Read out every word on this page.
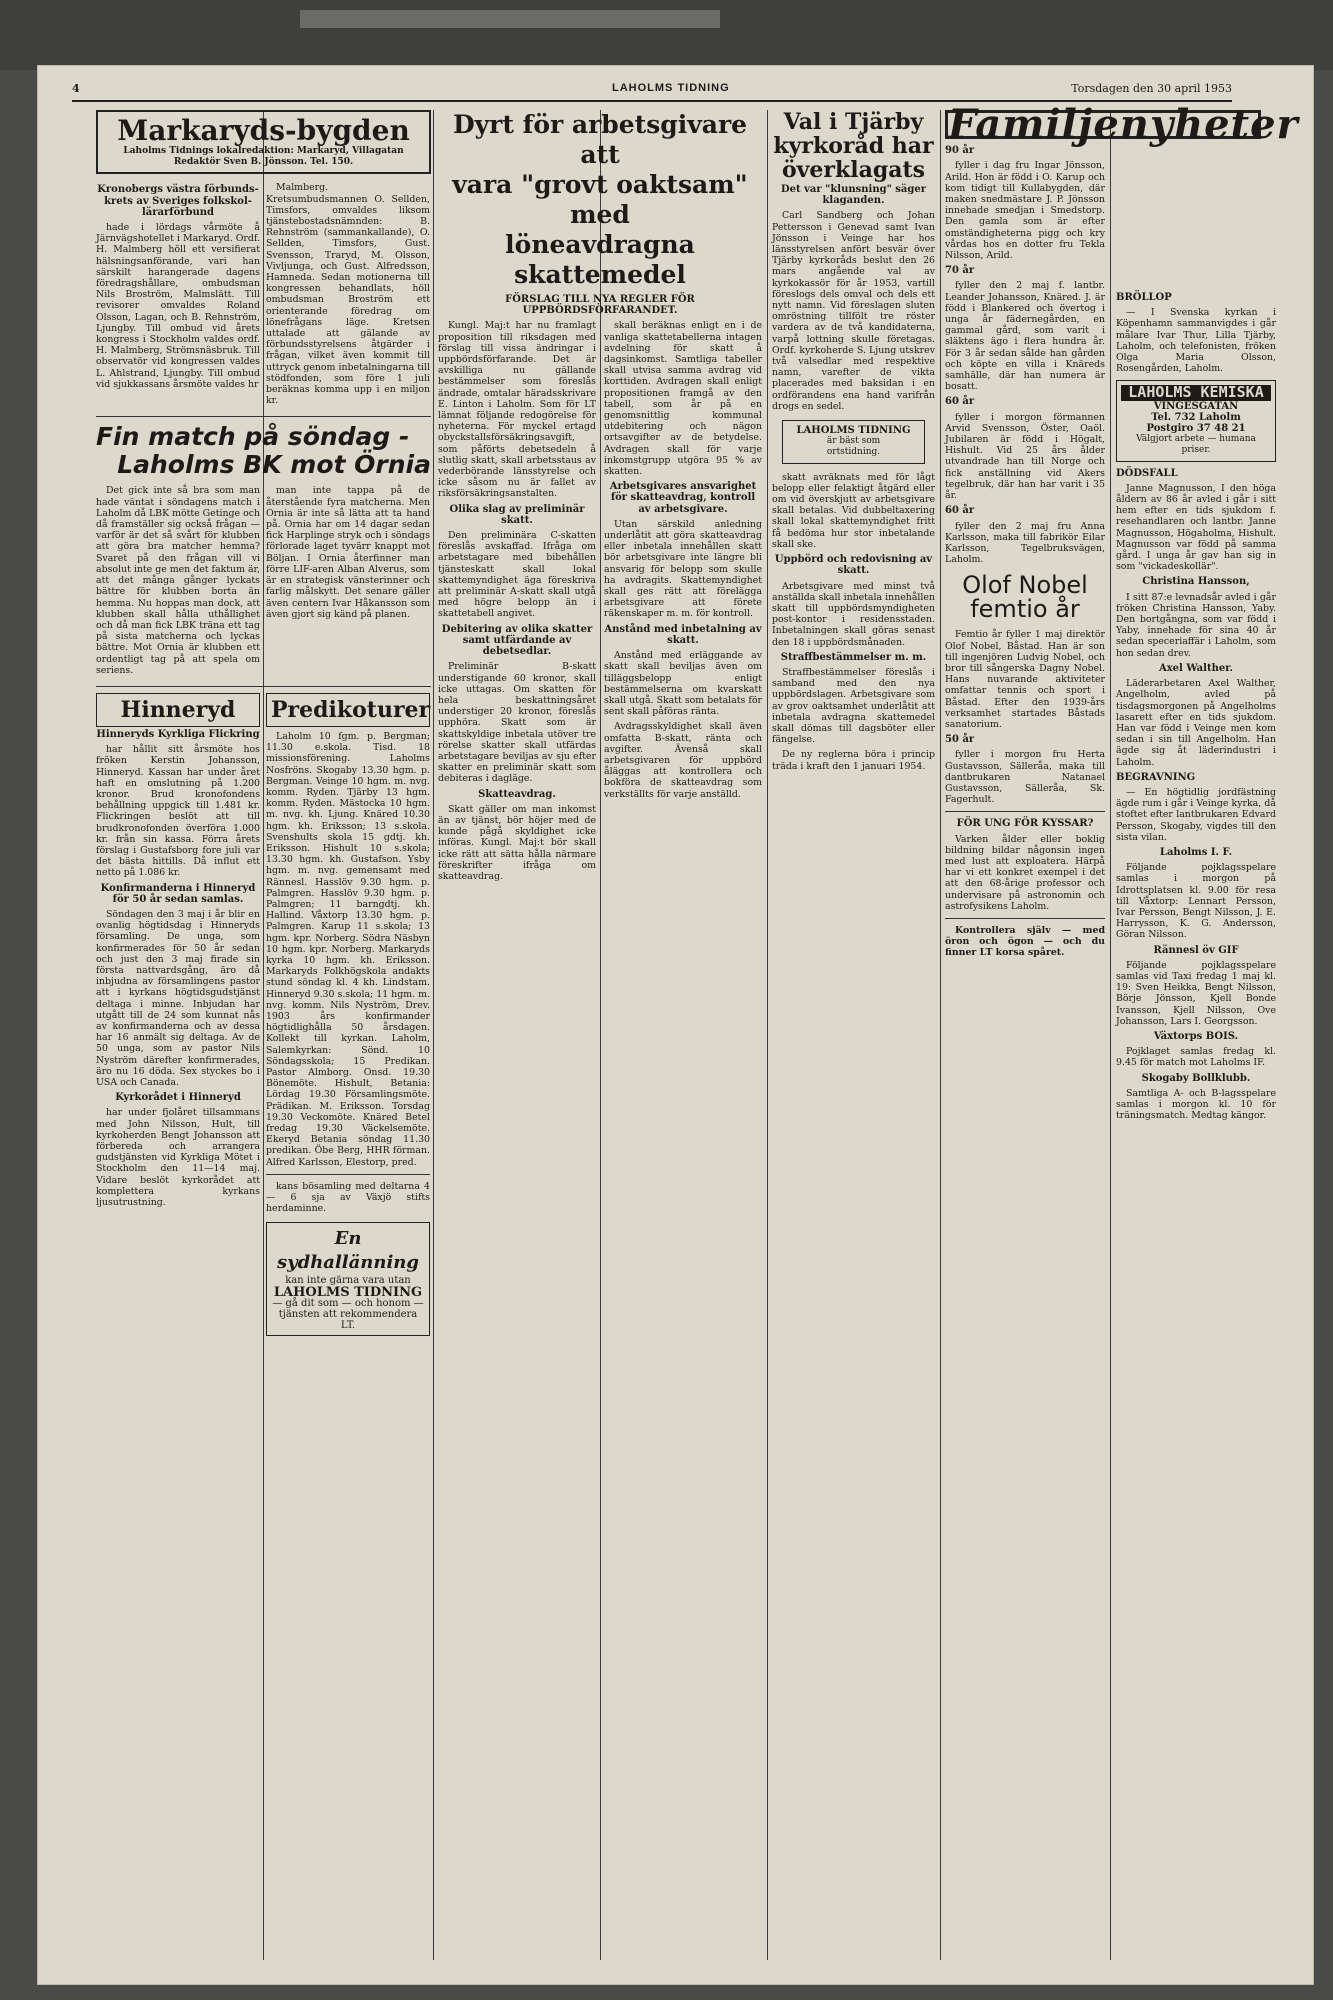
4	LAHOLMS TIDNING	Torsdagen den 30 april 1953
Markaryds-bygden
Laholms Tidnings lokalredaktion: Markaryd, Villagatan
Redaktör Sven B. Jönsson. Tel. 150.
Kronobergs västra förbunds-krets av Sveriges folkskol-lärarförbund

hade i lördags vårmöte å Järnvägshotellet i Markaryd. Ordf. H. Malmberg höll ett versifierat hälsningsanförande, vari han särskilt harangerade dagens föredragshållare, ombudsman Nils Broström, Malmslätt. Till revisorer omvaldes Roland Olsson, Lagan, och B. Rehnström, Ljungby. Till ombud vid årets kongress i Stockholm valdes ordf. H. Malmberg, Strömsnäsbruk. Till observatör vid kongressen valdes L. Ahlstrand, Ljungby. Till ombud vid sjukkassans årsmöte valdes hr

Malmberg. Kretsumbudsmannen O. Sellden, Timsfors, omvaldes liksom tjänstebostadsnämnden: B. Rehnström (sammankallande), O. Sellden, Timsfors, Gust. Svensson, Traryd, M. Olsson, Vivljunga, och Gust. Alfredsson, Hamneda. Sedan motionerna till kongressen behandlats, höll ombudsman Broström ett orienterande föredrag om lönefrågans läge. Kretsen uttalade att gälande av förbundsstyrelsens åtgärder i frågan, vilket även kommit till uttryck genom inbetalningarna till stödfonden, som före 1 juli beräknas komma upp i en miljon kr.

Fin match på söndag -
Laholms BK mot Örnia

Det gick inte så bra som man hade väntat i söndagens match i Laholm då LBK mötte Getinge och då framställer sig också frågan — varför är det så svårt för klubben att göra bra matcher hemma? Svaret på den frågan vill vi absolut inte ge men det faktum är, att det många gånger lyckats bättre för klubben borta än hemma. Nu hoppas man dock, att klubben skall hålla uthållighet och då man fick LBK träna ett tag på sista matcherna och lyckas bättre. Mot Ornia är klubben ett ordentligt tag på att spela om seriens.

man inte tappa på de återstående fyra matcherna. Men Ornia är inte så lätta att ta hand på. Ornia har om 14 dagar sedan fick Harplinge stryk och i söndags förlorade laget tyvärr knappt mot Böljan. I Ornia återfinner man förre LIF-aren Alban Alverus, som är en strategisk vänsterinner och farlig målskytt. Det senare gäller även centern Ivar Håkansson som även gjort sig känd på planen.

Hinneryd
Hinneryds Kyrkliga Flickring

har hållit sitt årsmöte hos fröken Kerstin Johansson, Hinneryd. Kassan har under året haft en omslutning på 1.200 kronor. Brud kronofondens behållning uppgick till 1.481 kr. Flickringen beslöt att till brudkronofonden överföra 1.000 kr. från sin kassa. Förra årets förslag i Gustafsborg fore juli var det bästa hittills. Då influt ett netto på 1.086 kr.

Konfirmanderna i Hinneryd för 50 år sedan samlas.

Söndagen den 3 maj i år blir en ovanlig högtidsdag i Hinneryds församling. De unga, som konfirmerades för 50 år sedan och just den 3 maj firade sin första nattvardsgång, äro då inbjudna av församlingens pastor att i kyrkans högtidsgudstjänst deltaga i minne. Inbjudan har utgått till de 24 som kunnat nås av konfirmanderna och av dessa har 16 anmält sig deltaga. Av de 50 unga, som av pastor Nils Nyström därefter konfirmerades, äro nu 16 döda. Sex styckes bo i USA och Canada.

Kyrkorådet i Hinneryd

har under fjolåret tillsammans med John Nilsson, Hult, till kyrkoherden Bengt Johansson att förbereda och arrangera gudstjänsten vid Kyrkliga Mötet i Stockholm den 11—14 maj. Vidare beslöt kyrkorådet att komplettera kyrkans ljusutrustning.

Predikoturer

Laholm 10 fgm. p. Bergman; 11.30 e.skola. Tisd. 18 missionsförening. Laholms Nosfröns. Skogaby 13.30 hgm. p. Bergman. Veinge 10 hgm. m. nvg. komm. Ryden. Tjärby 13 hgm. komm. Ryden. Mästocka 10 hgm. m. nvg. kh. Ljung. Knäred 10.30 hgm. kh. Eriksson; 13 s.skola. Svenshults skola 15 gdtj. kh. Eriksson. Hishult 10 s.skola; 13.30 hgm. kh. Gustafson. Ysby hgm. m. nvg. gemensamt med Rännesl. Hasslöv 9.30 hgm. p. Palmgren. Hasslöv 9.30 hgm. p. Palmgren; 11 barngdtj. kh. Hallind. Våxtorp 13.30 hgm. p. Palmgren. Karup 11 s.skola; 13 hgm. kpr. Norberg. Södra Näsbyn 10 hgm. kpr. Norberg. Markaryds kyrka 10 hgm. kh. Eriksson. Markaryds Folkhögskola andakts stund söndag kl. 4 kh. Lindstam. Hinneryd 9.30 s.skola; 11 hgm. m. nvg. komm. Nils Nyström, Drev. 1903 års konfirmander högtidlighålla 50 årsdagen. Kollekt till kyrkan. Laholm, Salemkyrkan: Sönd. 10 Söndagsskola; 15 Predikan. Pastor Almborg. Onsd. 19.30 Bönemöte. Hishult, Betania: Lördag 19.30 Församlingsmöte. Prädikan. M. Eriksson. Torsdag 19.30 Veckomöte. Knäred Betel fredag 19.30 Väckelsemöte. Ekeryd Betania söndag 11.30 predikan. Öbe Berg, HHR förman. Alfred Karlsson, Elestorp, pred.

kans bösamling med deltarna 4 — 6 sja av Växjö stifts herdaminne.

En sydhallänning
kan inte gärna vara utan
LAHOLMS TIDNING
— gå dit som — och honom — tjänsten att rekommendera LT.
Dyrt för arbetsgivare att
vara "grovt oaktsam" med
löneavdragna skattemedel
FÖRSLAG TILL NYA REGLER FÖR UPPBÖRDSFÖRFARANDET.

Kungl. Maj:t har nu framlagt proposition till riksdagen med förslag till vissa ändringar i uppbördsförfarande. Det är avskilliga nu gällande bestämmelser som föreslås ändrade, omtalar häradsskrivare E. Linton i Laholm. Som för LT lämnat följande redogörelse för nyheterna. För myckel ertagd obyckstallsförsäkringsavgift, som påförts debetsedeln å slutlig skatt, skall arbetsstaus av vederbörande länsstyrelse och icke såsom nu är fallet av riksförsäkringsanstalten.

Olika slag av preliminär skatt.

Den preliminära C-skatten föreslås avskaffad. Ifråga om arbetstagare med bibehållen tjänsteskatt skall lokal skattemyndighet äga föreskriva att preliminär A-skatt skall utgå med högre belopp än i skattetabell angivet.

Debitering av olika skatter samt utfärdande av debetsedlar.

Preliminär B-skatt understigande 60 kronor, skall icke uttagas. Om skatten för hela beskattningsåret understiger 20 kronor, föreslås upphöra. Skatt som är skattskyldige inbetala utöver tre rörelse skatter skall utfärdas arbetstagare beviljas av sju efter skatter en preliminär skatt som debiteras i dagläge.

Skatteavdrag.

Skatt gäller om man inkomst än av tjänst, bör höjer med de kunde pågå skyldighet icke införas. Kungl. Maj:t bör skall icke rätt att sätta hålla närmare föreskrifter ifråga om skatteavdrag.

skall beräknas enligt en i de vanliga skattetabellerna intagen avdelning för skatt å dagsinkomst. Samtliga tabeller skall utvisa samma avdrag vid korttiden. Avdragen skall enligt propositionen framgå av den tabell, som år på en genomsnittlig kommunal utdebitering och nägon ortsavgifter av de betydelse. Avdragen skall för varje inkomstgrupp utgöra 95 % av skatten.

Arbetsgivares ansvarighet för skatteavdrag, kontroll av arbetsgivare.

Utan särskild anledning underlåtit att göra skatteavdrag eller inbetala innehållen skatt bör arbetsgivare inte längre bli ansvarig för belopp som skulle ha avdragits. Skattemyndighet skall ges rätt att förelägga arbetsgivare att förete räkenskaper m. m. för kontroll.

Anstånd med inbetalning av skatt.

Anstånd med erläggande av skatt skall beviljas även om tilläggsbelopp enligt bestämmelserna om kvarskatt skall utgå. Skatt som betalats för sent skall påföras ränta.

Avdragsskyldighet skall även omfatta B-skatt, ränta och avgifter. Ävenså skall arbetsgivaren för uppbörd åläggas att kontrollera och bokföra de skatteavdrag som verkställts för varje anställd.

Val i Tjärby
kyrkoråd har
överklagats
Det var "klunsning" säger klaganden.

Carl Sandberg och Johan Pettersson i Genevad samt Ivan Jönsson i Veinge har hos länsstyrelsen anfört besvär över Tjärby kyrkoråds beslut den 26 mars angående val av kyrkokassör för år 1953, vartill föreslogs dels omval och dels ett nytt namn. Vid föreslagen sluten omröstning tillfölt tre röster vardera av de två kandidaterna, varpå lottning skulle företagas. Ordf. kyrkoherde S. Ljung utskrev två valsedlar med respektive namn, varefter de vikta placerades med baksidan i en ordförandens ena hand varifrån drogs en sedel.

LAHOLMS TIDNING
är bäst som
ortstidning.

skatt avräknats med för lågt belopp eller felaktigt åtgärd eller om vid överskjutt av arbetsgivare skall betalas. Vid dubbeltaxering skall lokal skattemyndighet fritt få bedöma hur stor inbetalande skall ske.

Uppbörd och redovisning av skatt.

Arbetsgivare med minst två anställda skall inbetala innehållen skatt till uppbördsmyndigheten post-kontor i residensstaden. Inbetalningen skall göras senast den 18 i uppbördsmånaden.

Straffbestämmelser m. m.

Straffbestämmelser föreslås i samband med den nya uppbördslagen. Arbetsgivare som av grov oaktsamhet underlåtit att inbetala avdragna skattemedel skall dömas till dagsböter eller fängelse.

De ny reglerna böra i princip träda i kraft den 1 januari 1954.

Familjenyheter
90 år

fyller i dag fru Ingar Jönsson, Arild. Hon är född i O. Karup och kom tidigt till Kullabygden, där maken snedmästare J. P. Jönsson innehade smedjan i Smedstorp. Den gamla som är efter omständigheterna pigg och kry vårdas hos en dotter fru Tekla Nilsson, Arild.

70 år

fyller den 2 maj f. lantbr. Leander Johansson, Knäred. J. är född i Blankered och övertog i unga år fädernegården, en gammal gård, som varit i släktens ägo i flera hundra år. För 3 år sedan sålde han gården och köpte en villa i Knäreds samhälle, där han numera är bosatt.

60 år

fyller i morgon förmannen Arvid Svensson, Öster, Oaöl. Jubilaren är född i Högalt, Hishult. Vid 25 års ålder utvandrade han till Norge och fick anställning vid Akers tegelbruk, där han har varit i 35 år.

60 år

fyller den 2 maj fru Anna Karlsson, maka till fabrikör Eilar Karlsson, Tegelbruksvägen, Laholm.

Olof Nobel
femtio år

Femtio år fyller 1 maj direktör Olof Nobel, Båstad. Han är son till ingenjören Ludvig Nobel, och bror till sångerska Dagny Nobel. Hans nuvarande aktiviteter omfattar tennis och sport i Båstad. Efter den 1939-års verksamhet startades Båstads sanatorium.

50 år

fyller i morgon fru Herta Gustavsson, Sälleråa, maka till dantbrukaren Natanael Gustavsson, Sälleråa, Sk. Fagerhult.

FÖR UNG FÖR KYSSAR?

Varken ålder eller boklig bildning bildar någonsin ingen med lust att exploatera. Härpå har vi ett konkret exempel i det att den 68-årige professor och undervisare på astronomin och astrofysikens Laholm.

Kontrollera själv — med öron och ögon — och du finner LT korsa spåret.

BRÖLLOP

— I Svenska kyrkan i Köpenhamn sammanvigdes i går målare Ivar Thur, Lilla Tjärby, Laholm, och telefonisten, fröken Olga Maria Olsson, Rosengården, Laholm.

LAHOLMS KEMISKA
VINGESGATAN
Tel. 732 Laholm
Postgiro 37 48 21
Välgjort arbete — humana priser.
DÖDSFALL

Janne Magnusson, I den höga åldern av 86 år avled i går i sitt hem efter en tids sjukdom f. resehandlaren och lantbr. Janne Magnusson, Högaholma, Hishult. Magnusson var född på samma gård. I unga år gav han sig in som "vickadeskollär".

Christina Hansson,

I sitt 87:e levnadsår avled i går fröken Christina Hansson, Yaby. Den bortgångna, som var född i Yaby, innehade för sina 40 år sedan speceriaffär i Laholm, som hon sedan drev.

Axel Walther.

Läderarbetaren Axel Walther, Angelholm, avled på tisdagsmorgonen på Angelholms lasarett efter en tids sjukdom. Han var född i Veinge men kom sedan i sin till Angelholm. Han ägde sig åt läderindustri i Laholm.

BEGRAVNING

— En högtidlig jordfästning ägde rum i går i Veinge kyrka, då stoftet efter lantbrukaren Edvard Persson, Skogaby, vigdes till den sista vilan.

Laholms I. F.

Följande pojklagsspelare samlas i morgon på Idrottsplatsen kl. 9.00 för resa till Våxtorp: Lennart Persson, Ivar Persson, Bengt Nilsson, J. E. Harrysson, K. G. Andersson, Göran Nilsson.

Rännesl öv GIF

Följande pojklagsspelare samlas vid Taxi fredag 1 maj kl. 19: Sven Heikka, Bengt Nilsson, Börje Jönsson, Kjell Bonde Ivansson, Kjell Nilsson, Ove Johansson, Lars I. Georgsson.

Växtorps BOIS.

Pojklaget samlas fredag kl. 9.45 för match mot Laholms IF.

Skogaby Bollklubb.

Samtliga A- och B-lagsspelare samlas i morgon kl. 10 för träningsmatch. Medtag kängor.
